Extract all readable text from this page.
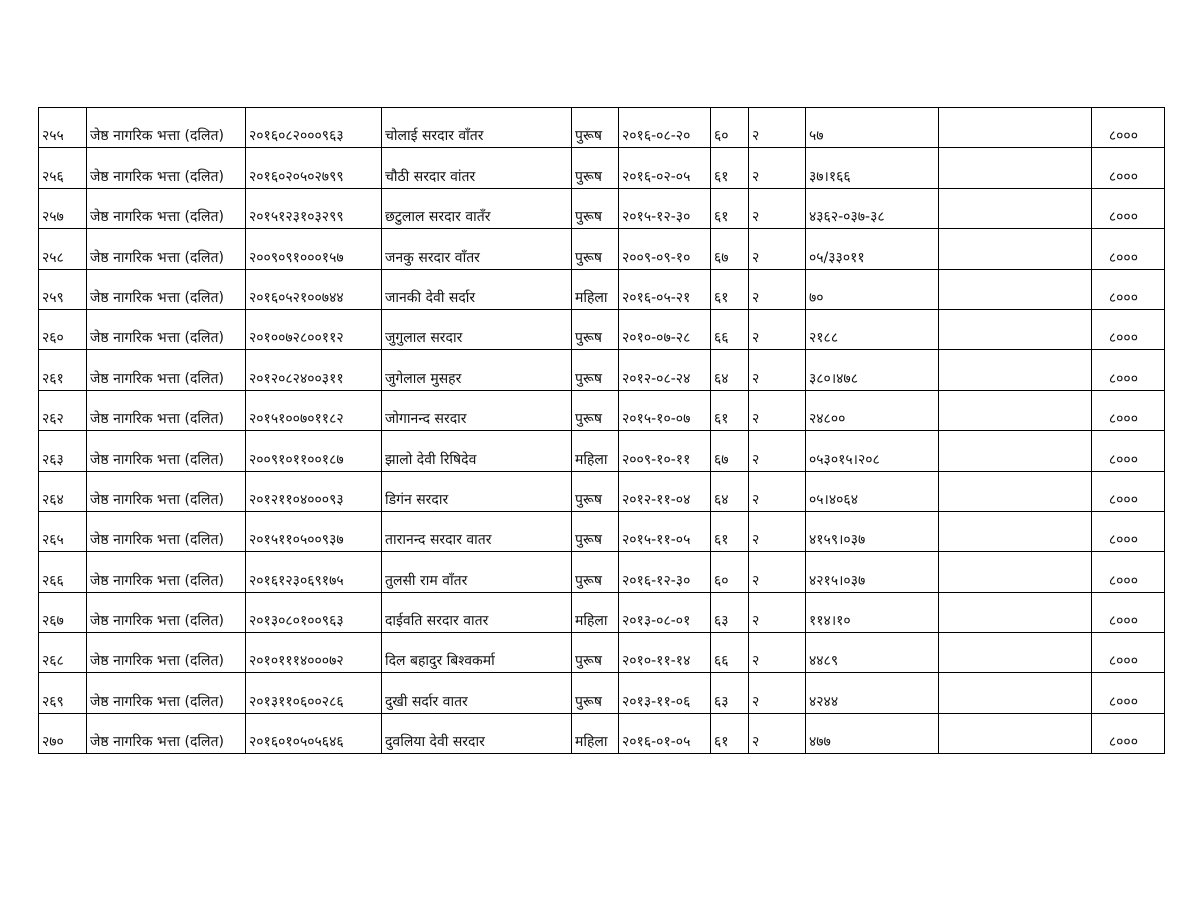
२५५	जेष्ठ नागरिक भत्ता (दलित)	२०१६०८२०००९६३	चोलाई सरदार वाँतर	पुरूष	२०१६-०८-२०	६०	२	५७		८०००
२५६	जेष्ठ नागरिक भत्ता (दलित)	२०१६०२०५०२७९९	चौठी सरदार वांतर	पुरूष	२०१६-०२-०५	६१	२	३७।१६६		८०००
२५७	जेष्ठ नागरिक भत्ता (दलित)	२०१५१२३१०३२९९	छटुलाल सरदार वातँर	पुरूष	२०१५-१२-३०	६१	२	४३६२-०३७-३८		८०००
२५८	जेष्ठ नागरिक भत्ता (दलित)	२००९०९१०००१५७	जनकु सरदार वाँतर	पुरूष	२००९-०९-१०	६७	२	०५/३३०११		८०००
२५९	जेष्ठ नागरिक भत्ता (दलित)	२०१६०५२१००७४४	जानकी देवी सर्दार	महिला	२०१६-०५-२१	६१	२	७०		८०००
२६०	जेष्ठ नागरिक भत्ता (दलित)	२०१००७२८००११२	जुगुलाल सरदार	पुरूष	२०१०-०७-२८	६६	२	२१८८		८०००
२६१	जेष्ठ नागरिक भत्ता (दलित)	२०१२०८२४००३११	जुगेलाल मुसहर	पुरूष	२०१२-०८-२४	६४	२	३८०।४७८		८०००
२६२	जेष्ठ नागरिक भत्ता (दलित)	२०१५१००७०११८२	जोगानन्द सरदार	पुरूष	२०१५-१०-०७	६१	२	२४८००		८०००
२६३	जेष्ठ नागरिक भत्ता (दलित)	२००९१०११००१८७	झालो देवी रिषिदेव	महिला	२००९-१०-११	६७	२	०५३०१५।२०८		८०००
२६४	जेष्ठ नागरिक भत्ता (दलित)	२०१२११०४०००९३	डिगंन सरदार	पुरूष	२०१२-११-०४	६४	२	०५।४०६४		८०००
२६५	जेष्ठ नागरिक भत्ता (दलित)	२०१५११०५००९३७	तारानन्द सरदार वातर	पुरूष	२०१५-११-०५	६१	२	४१५९।०३७		८०००
२६६	जेष्ठ नागरिक भत्ता (दलित)	२०१६१२३०६९१७५	तुलसी राम वाँतर	पुरूष	२०१६-१२-३०	६०	२	४२१५।०३७		८०००
२६७	जेष्ठ नागरिक भत्ता (दलित)	२०१३०८०१००९६३	दाईवति सरदार वातर	महिला	२०१३-०८-०१	६३	२	११४।१०		८०००
२६८	जेष्ठ नागरिक भत्ता (दलित)	२०१०१११४०००७२	दिल बहादुर बिश्वकर्मा	पुरूष	२०१०-११-१४	६६	२	४४८९		८०००
२६९	जेष्ठ नागरिक भत्ता (दलित)	२०१३११०६००२८६	दुखी सर्दार वातर	पुरूष	२०१३-११-०६	६३	२	४२४४		८०००
२७०	जेष्ठ नागरिक भत्ता (दलित)	२०१६०१०५०५६४६	दुवलिया देवी सरदार	महिला	२०१६-०१-०५	६१	२	४७७		८०००
